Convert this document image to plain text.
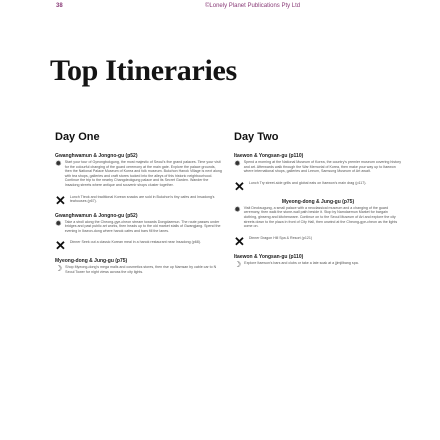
38	©Lonely Planet Publications Pty Ltd
Top Itineraries
Day One
Gwanghwamun & Jongno-gu (p52)
✹ Start your tour of Gyeongbokgung, the most majestic of Seoul's five grand palaces. Time your visit for the colourful changing of the guard ceremony at the main gate. Explore the palace grounds, then the National Palace Museum of Korea and folk museum. Bukchon Hanok Village is next along with tea shops, galleries and craft stores tucked into the alleys of this historic neighbourhood. Continue the trip to the nearby Changdeokgung palace and its Secret Garden. Wander the Insadong streets where antique and souvenir shops cluster together.
✕ Lunch Tteok and traditional Korean snacks are sold in Bukchon's tiny cafes and Insadong's teahouses (p67).
Gwanghwamun & Jongno-gu (p52)
✹ Take a stroll along the Cheong-gye-cheon stream towards Dongdaemun. The route passes under bridges and past public art works, then heads up to the old market stalls of Gwangjang. Spend the evening in Ikseon-dong where hanok cafes and bars fill the lanes.
✕ Dinner Seek out a classic Korean meal in a hanok restaurant near Insadong (p68).
Myeong-dong & Jung-gu (p75)
☽ Shop Myeong-dong's mega malls and cosmetics stores, then rise up Namsan by cable car to N Seoul Tower for night views across the city lights.
Day Two
Itaewon & Yongsan-gu (p110)
✹ Spend a morning at the National Museum of Korea, the country's premier museum covering history and art. Afterwards walk through the War Memorial of Korea, then make your way up to Itaewon where international shops, galleries and Leeum, Samsung Museum of Art await.
✕ Lunch Try street-side grills and global eats on Itaewon's main drag (p117).
Myeong-dong & Jung-gu (p75)
✹ Visit Deoksugung, a small palace with a neoclassical museum and a changing of the guard ceremony, then walk the stone-wall path beside it. Stop by Namdaemun Market for bargain clothing, ginseng and kitchenware. Continue on to the Seoul Museum of Art and explore the city streets down to the plaza in front of City Hall, then unwind at the Cheong-gye-cheon as the lights come on.
✕ Dinner Dragon Hill Spa & Resort (p121)
Itaewon & Yongsan-gu (p110)
☽ Explore Itaewon's bars and clubs or take a late soak at a jjimjilbang spa.
